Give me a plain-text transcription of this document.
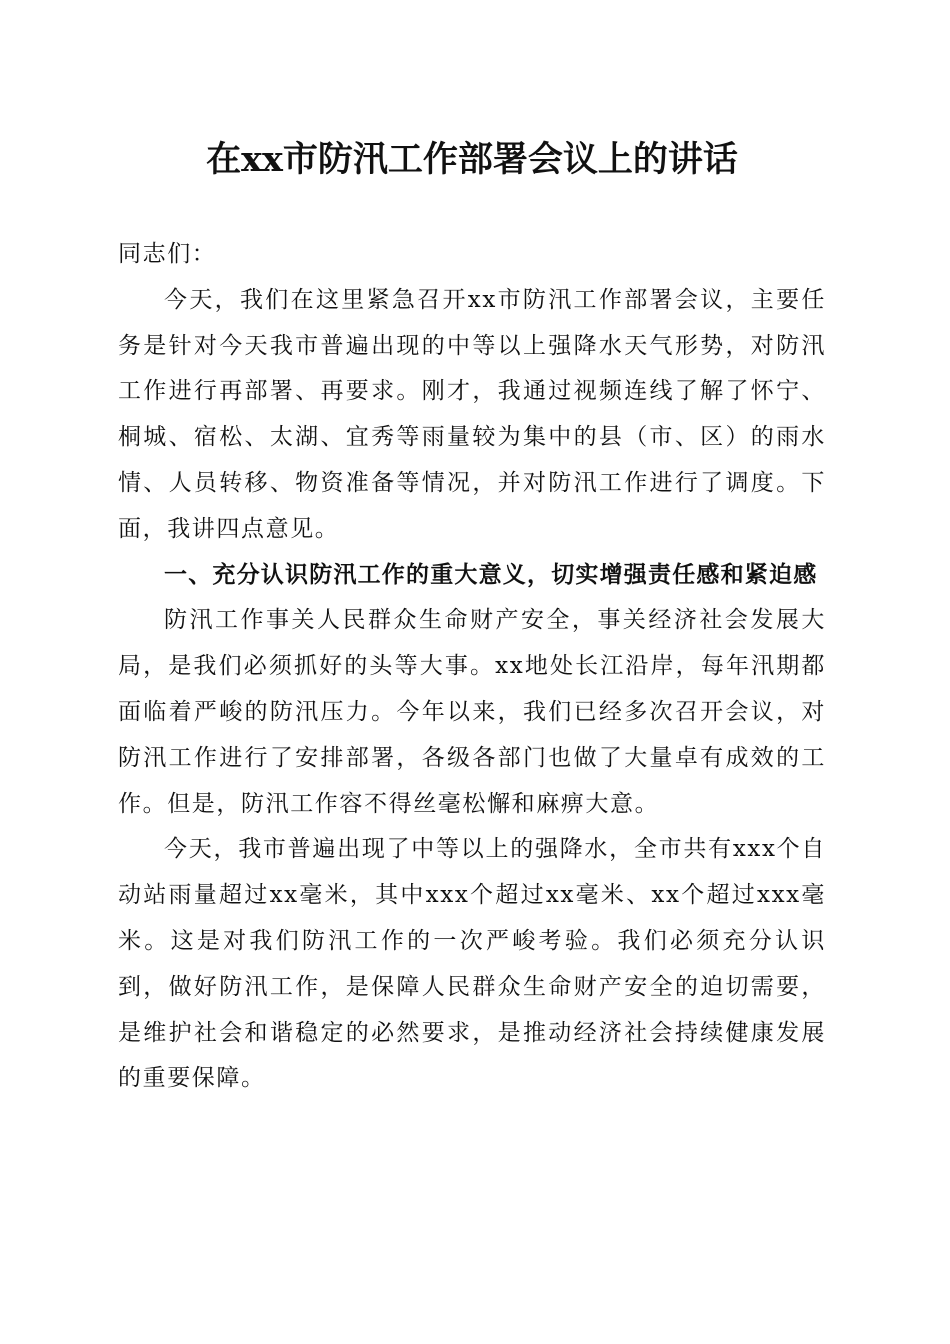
在xx市防汛工作部署会议上的讲话

同志们：

今天，我们在这里紧急召开xx市防汛工作部署会议，主要任务是针对今天我市普遍出现的中等以上强降水天气形势，对防汛工作进行再部署、再要求。刚才，我通过视频连线了解了怀宁、桐城、宿松、太湖、宜秀等雨量较为集中的县（市、区）的雨水情、人员转移、物资准备等情况，并对防汛工作进行了调度。下面，我讲四点意见。

一、充分认识防汛工作的重大意义，切实增强责任感和紧迫感

防汛工作事关人民群众生命财产安全，事关经济社会发展大局，是我们必须抓好的头等大事。xx地处长江沿岸，每年汛期都面临着严峻的防汛压力。今年以来，我们已经多次召开会议，对防汛工作进行了安排部署，各级各部门也做了大量卓有成效的工作。但是，防汛工作容不得丝毫松懈和麻痹大意。

今天，我市普遍出现了中等以上的强降水，全市共有xxx个自动站雨量超过xx毫米，其中xxx个超过xx毫米、xx个超过xxx毫米。这是对我们防汛工作的一次严峻考验。我们必须充分认识到，做好防汛工作，是保障人民群众生命财产安全的迫切需要，是维护社会和谐稳定的必然要求，是推动经济社会持续健康发展的重要保障。
